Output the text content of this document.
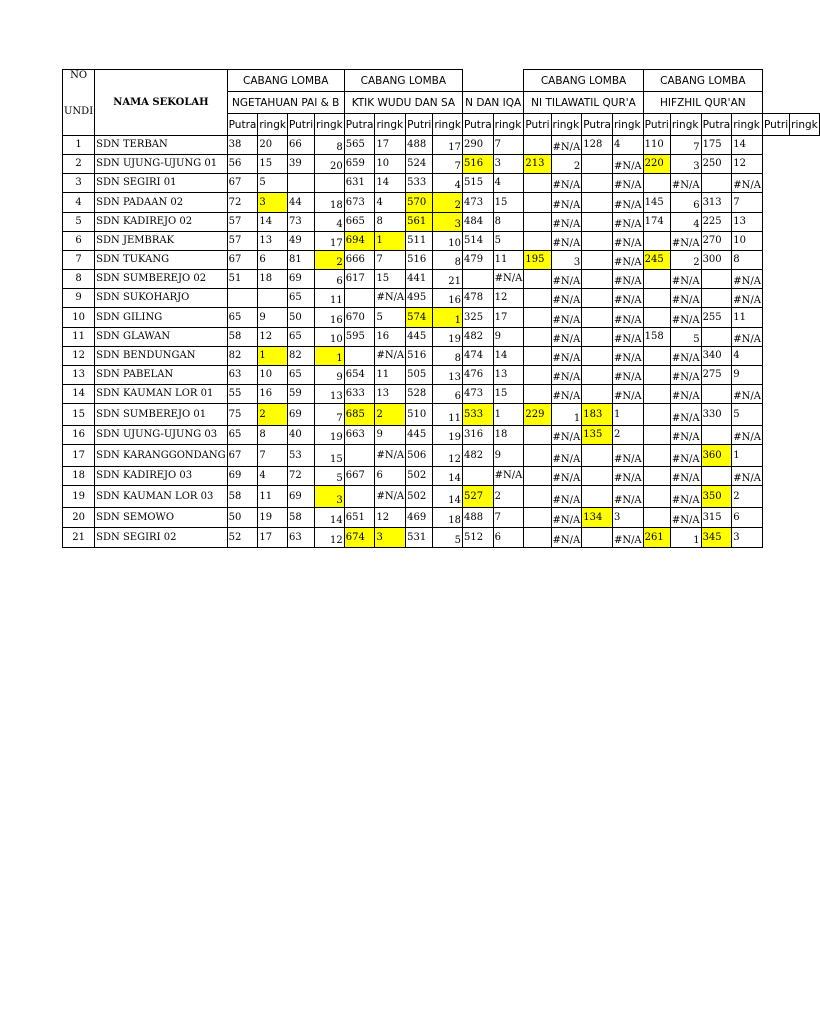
NO
UNDI	NAMA SEKOLAH	CABANG LOMBA				CABANG LOMBA						CABANG LOMBA				CABANG LOMBA					
		NGETAHUAN PAI & B				KTIK WUDU DAN SA				N DAN IQA		NI TILAWATIL QUR'A				HIFZHIL QUR'AN					
		Putra	ringk	Putri	ringk	Putra	ringk	Putri	ringk	Putra	ringk	Putri	ringk	Putra	ringk	Putri	ringk	Putra	ringk	Putri	ringk
1	SDN TERBAN	38	20	66	8	565	17	488	17	290	7		#N/A	128	4	110	7	175	14		
2	SDN UJUNG-UJUNG 01	56	15	39	20	659	10	524	7	516	3	213	2		#N/A	220	3	250	12		
3	SDN SEGIRI 01	67	5			631	14	533	4	515	4		#N/A		#N/A		#N/A		#N/A		
4	SDN PADAAN 02	72	3	44	18	673	4	570	2	473	15		#N/A		#N/A	145	6	313	7		
5	SDN KADIREJO 02	57	14	73	4	665	8	561	3	484	8		#N/A		#N/A	174	4	225	13		
6	SDN JEMBRAK	57	13	49	17	694	1	511	10	514	5		#N/A		#N/A		#N/A	270	10		
7	SDN TUKANG	67	6	81	2	666	7	516	8	479	11	195	3		#N/A	245	2	300	8		
8	SDN SUMBEREJO 02	51	18	69	6	617	15	441	21		#N/A		#N/A		#N/A		#N/A		#N/A		
9	SDN SUKOHARJO			65	11		#N/A	495	16	478	12		#N/A		#N/A		#N/A		#N/A		
10	SDN GILING	65	9	50	16	670	5	574	1	325	17		#N/A		#N/A		#N/A	255	11		
11	SDN GLAWAN	58	12	65	10	595	16	445	19	482	9		#N/A		#N/A	158	5		#N/A		
12	SDN BENDUNGAN	82	1	82	1		#N/A	516	8	474	14		#N/A		#N/A		#N/A	340	4		
13	SDN PABELAN	63	10	65	9	654	11	505	13	476	13		#N/A		#N/A		#N/A	275	9		
14	SDN KAUMAN LOR 01	55	16	59	13	633	13	528	6	473	15		#N/A		#N/A		#N/A		#N/A		
15	SDN SUMBEREJO 01	75	2	69	7	685	2	510	11	533	1	229	1	183	1		#N/A	330	5		
16	SDN UJUNG-UJUNG 03	65	8	40	19	663	9	445	19	316	18		#N/A	135	2		#N/A		#N/A		
17	SDN KARANGGONDANG	67	7	53	15		#N/A	506	12	482	9		#N/A		#N/A		#N/A	360	1		
18	SDN KADIREJO 03	69	4	72	5	667	6	502	14		#N/A		#N/A		#N/A		#N/A		#N/A		
19	SDN KAUMAN LOR 03	58	11	69	3		#N/A	502	14	527	2		#N/A		#N/A		#N/A	350	2		
20	SDN SEMOWO	50	19	58	14	651	12	469	18	488	7		#N/A	134	3		#N/A	315	6		
21	SDN SEGIRI 02	52	17	63	12	674	3	531	5	512	6		#N/A		#N/A	261	1	345	3		
